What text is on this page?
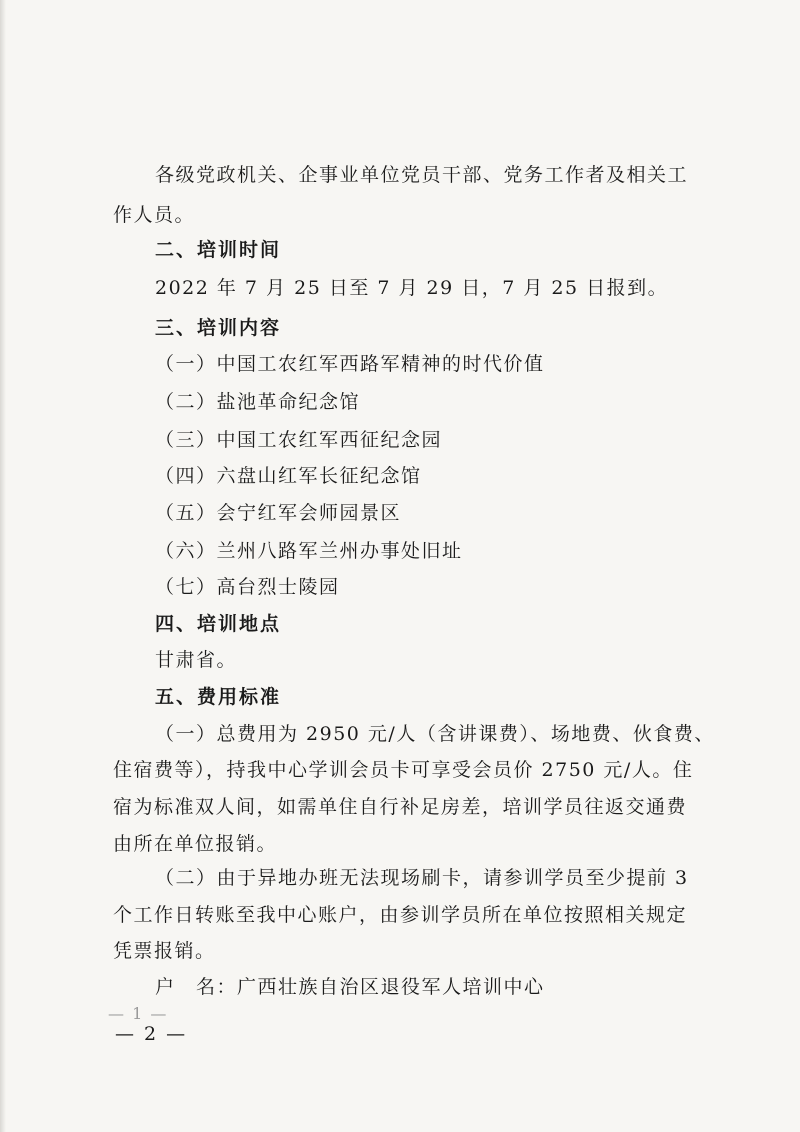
各级党政机关、企事业单位党员干部、党务工作者及相关工
作人员。
二、培训时间
2022 年 7 月 25 日至 7 月 29 日，7 月 25 日报到。
三、培训内容
（一）中国工农红军西路军精神的时代价值
（二）盐池革命纪念馆
（三）中国工农红军西征纪念园
（四）六盘山红军长征纪念馆
（五）会宁红军会师园景区
（六）兰州八路军兰州办事处旧址
（七）高台烈士陵园
四、培训地点
甘肃省。
五、费用标准
（一）总费用为 2950 元/人（含讲课费）、场地费、伙食费、
住宿费等），持我中心学训会员卡可享受会员价 2750 元/人。住
宿为标准双人间，如需单住自行补足房差，培训学员往返交通费
由所在单位报销。
（二）由于异地办班无法现场刷卡，请参训学员至少提前 3
个工作日转账至我中心账户，由参训学员所在单位按照相关规定
凭票报销。
户　名：广西壮族自治区退役军人培训中心
— 1 —
— 2 —
